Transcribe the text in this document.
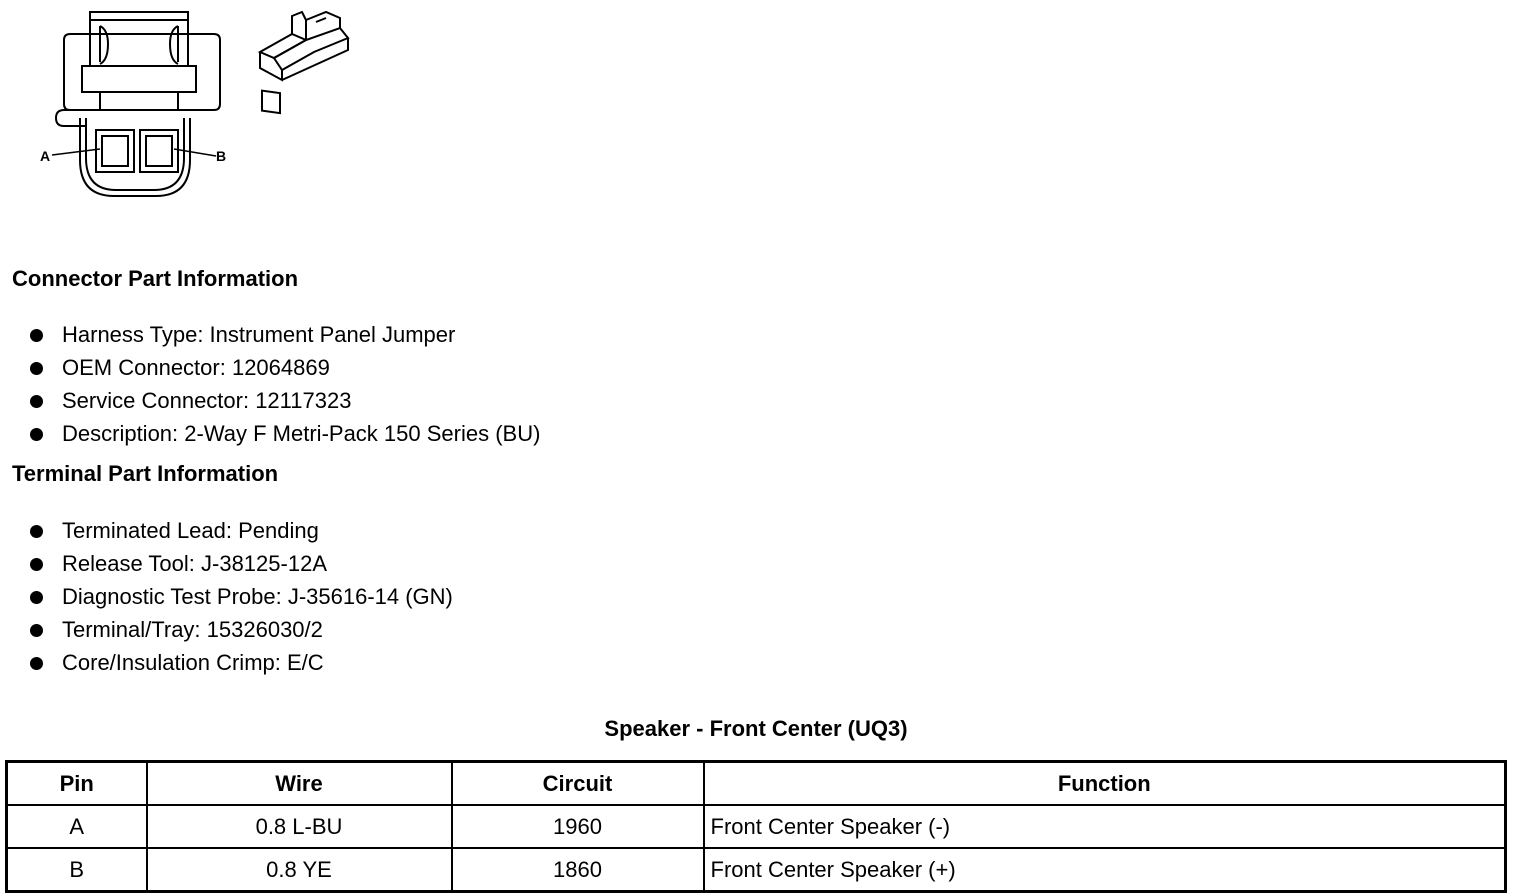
A	B
Connector Part Information
Harness Type: Instrument Panel Jumper
OEM Connector: 12064869
Service Connector: 12117323
Description: 2-Way F Metri-Pack 150 Series (BU)
Terminal Part Information
Terminated Lead: Pending
Release Tool: J-38125-12A
Diagnostic Test Probe: J-35616-14 (GN)
Terminal/Tray: 15326030/2
Core/Insulation Crimp: E/C
Speaker - Front Center (UQ3)
Pin	Wire	Circuit	Function
A	0.8 L-BU	1960	Front Center Speaker (-)
B	0.8 YE	1860	Front Center Speaker (+)
